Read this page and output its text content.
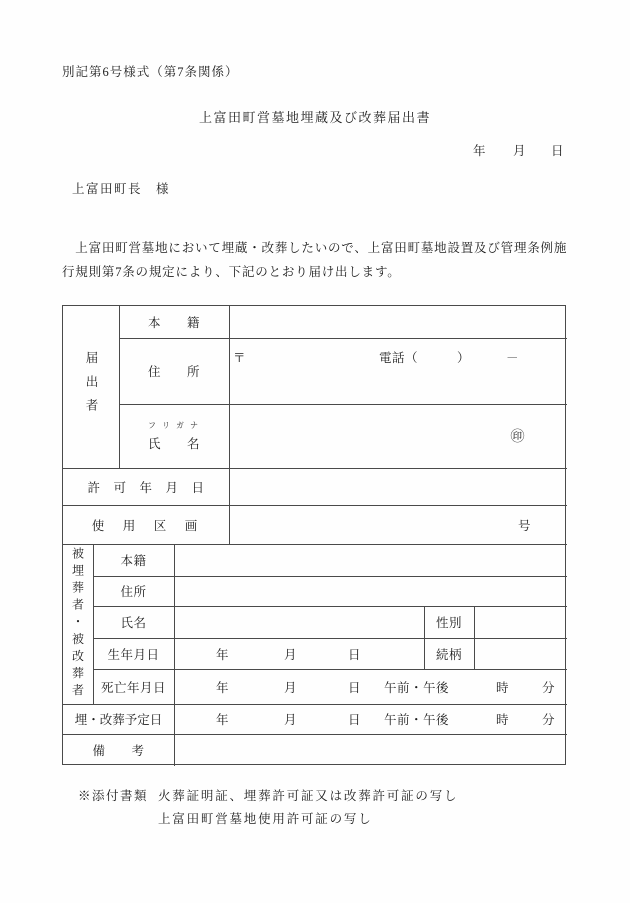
別記第6号様式（第7条関係）
上富田町営墓地埋蔵及び改葬届出書
年 月 日
上富田町長　様
　上富田町営墓地において埋蔵・改葬したいので、上富田町墓地設置及び管理条例施
行規則第7条の規定により、下記のとおり届け出します。
届出者
本　　籍
住　　所
〒	電話（　　　）	－
フ リ ガ ナ
氏　　名	㊞
許　可　年　月　日
使　用　区　画	号
被埋葬者・被改葬者	本籍
住所
氏名	性別
生年月日	年	月	日	続柄
死亡年月日	年	月	日 午前・午後	時	分
埋・改葬予定日	年	月	日 午前・午後	時	分
備　　考
※添付書類 火葬証明証、埋葬許可証又は改葬許可証の写し
上富田町営墓地使用許可証の写し
